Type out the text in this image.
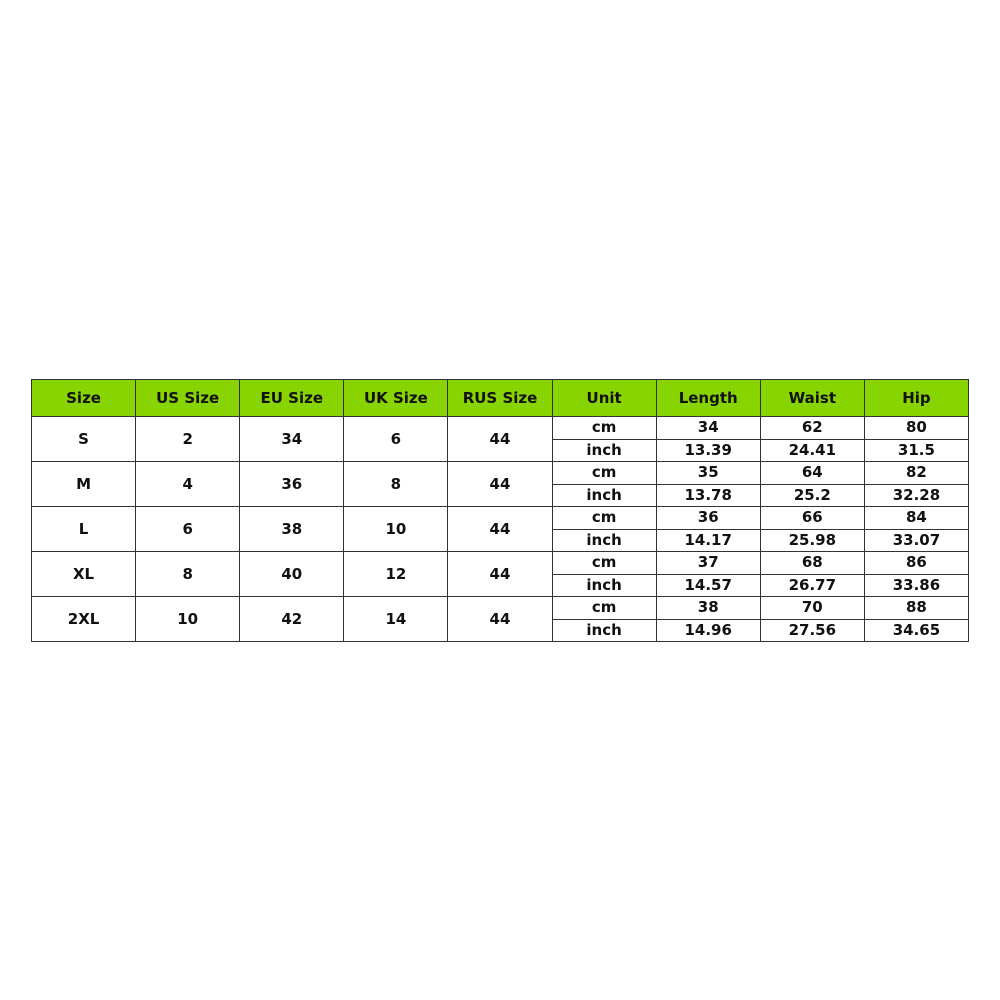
Size	US Size	EU Size	UK Size	RUS Size	Unit	Length	Waist	Hip
S	2	34	6	44	cm	34	62	80
					inch	13.39	24.41	31.5
M	4	36	8	44	cm	35	64	82
					inch	13.78	25.2	32.28
L	6	38	10	44	cm	36	66	84
					inch	14.17	25.98	33.07
XL	8	40	12	44	cm	37	68	86
					inch	14.57	26.77	33.86
2XL	10	42	14	44	cm	38	70	88
					inch	14.96	27.56	34.65
